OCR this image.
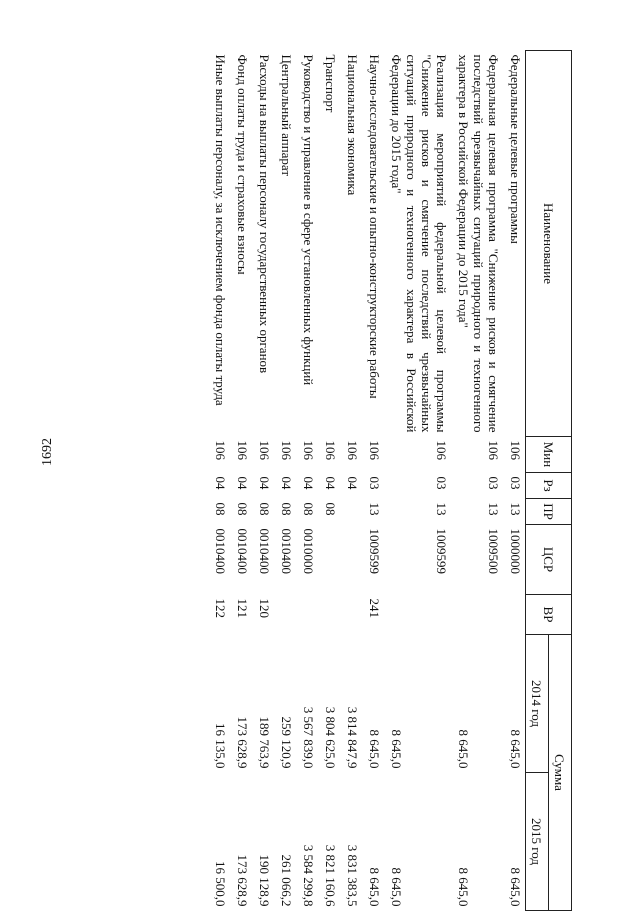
1692
Наименование	Мин	Рз	ПР	ЦСР	ВР	Сумма	
						2014 год	2015 год
Федеральные целевые программы	106	03	13	1000000		8 645,0	8 645,0
Федеральная целевая программа "Снижение рисков и смягчение последствий чрезвычайных ситуаций природного и техногенного характера в Российской Федерации до 2015 года"	106	03	13	1009500		8 645,0	8 645,0
Реализация мероприятий федеральной целевой программы "Снижение рисков и смягчение последствий чрезвычайных ситуаций природного и техногенного характера в Российской Федерации до 2015 года"	106	03	13	1009599		8 645,0	8 645,0
Научно-исследовательские и опытно-конструкторские работы	106	03	13	1009599	241	8 645,0	8 645,0
Национальная экономика	106	04				3 814 847,9	3 831 383,5
Транспорт	106	04	08			3 804 625,0	3 821 160,6
Руководство и управление в сфере установленных функций	106	04	08	0010000		3 567 839,0	3 584 299,8
Центральный аппарат	106	04	08	0010400		259 120,9	261 066,2
Расходы на выплаты персоналу государственных органов	106	04	08	0010400	120	189 763,9	190 128,9
Фонд оплаты труда и страховые взносы	106	04	08	0010400	121	173 628,9	173 628,9
Иные выплаты персоналу, за исключением фонда оплаты труда	106	04	08	0010400	122	16 135,0	16 500,0
